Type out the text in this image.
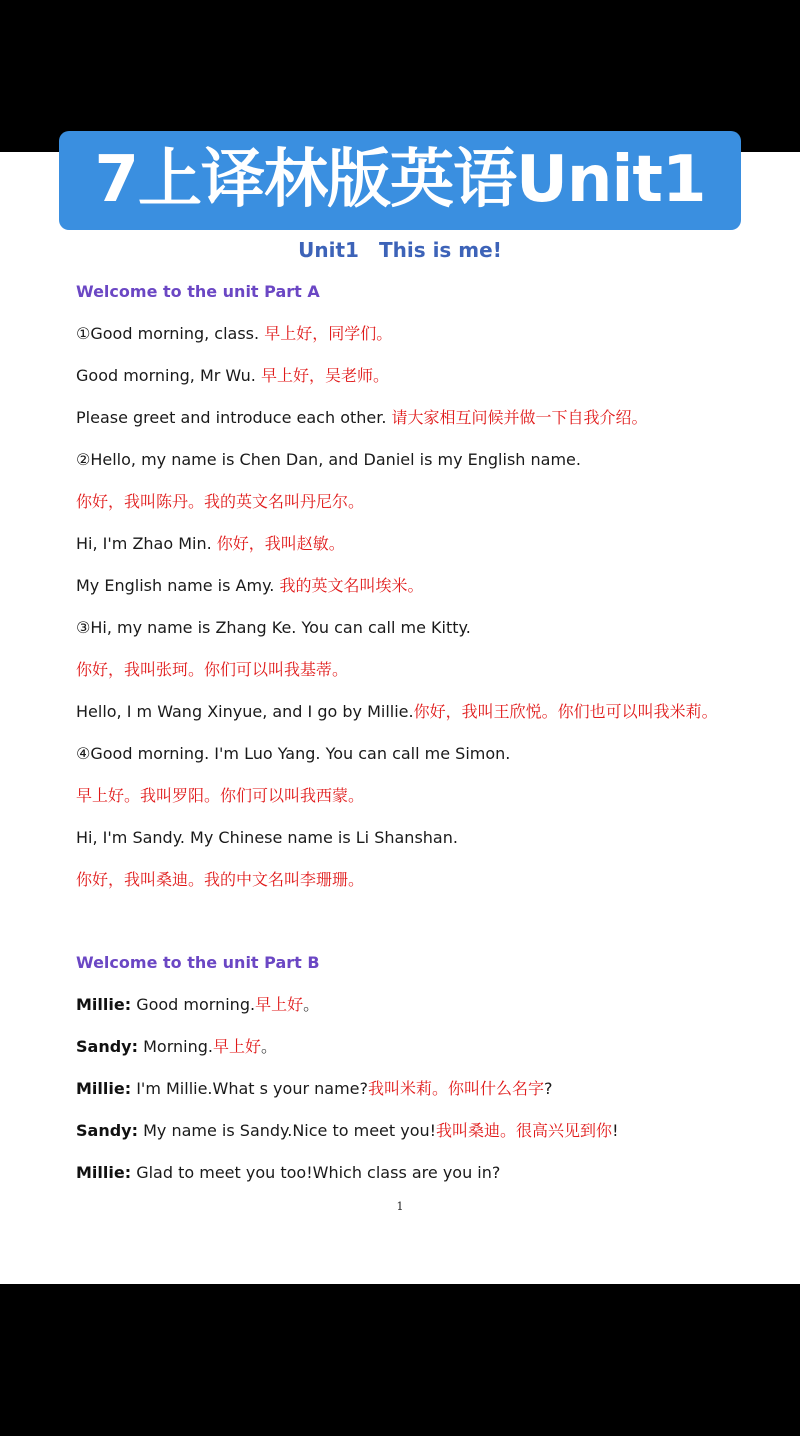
7上译林版英语Unit1
Unit1 This is me!
Welcome to the unit Part A
①Good morning, class. 早上好，同学们。
Good morning, Mr Wu. 早上好，吴老师。
Please greet and introduce each other. 请大家相互问候并做一下自我介绍。
②Hello, my name is Chen Dan, and Daniel is my English name.
你好，我叫陈丹。我的英文名叫丹尼尔。
Hi, I'm Zhao Min. 你好，我叫赵敏。
My English name is Amy. 我的英文名叫埃米。
③Hi, my name is Zhang Ke. You can call me Kitty.
你好，我叫张珂。你们可以叫我基蒂。
Hello, I m Wang Xinyue, and I go by Millie.你好，我叫王欣悦。你们也可以叫我米莉。
④Good morning. I'm Luo Yang. You can call me Simon.
早上好。我叫罗阳。你们可以叫我西蒙。
Hi, I'm Sandy. My Chinese name is Li Shanshan.
你好，我叫桑迪。我的中文名叫李珊珊。
Welcome to the unit Part B
Millie: Good morning.早上好。
Sandy: Morning.早上好。
Millie: I'm Millie.What s your name?我叫米莉。你叫什么名字?
Sandy: My name is Sandy.Nice to meet you!我叫桑迪。很高兴见到你!
Millie: Glad to meet you too!Which class are you in?
1
